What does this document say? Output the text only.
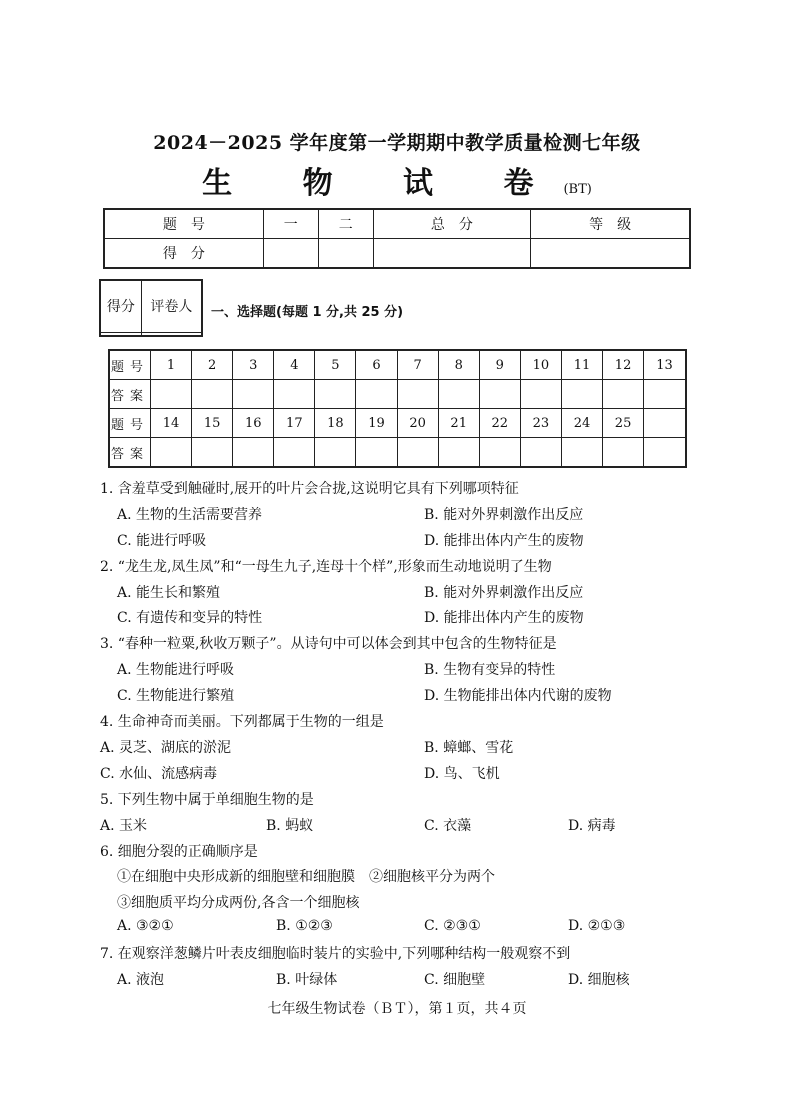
2024－2025 学年度第一学期期中教学质量检测七年级
生 物 试 卷(BT)
题　号	一	二	总　分	等　级
得　分				
得分	评卷人
	一、选择题(每题 1 分,共 25 分)
题号	1	2	3	4	5	6	7	8	9	10	11	12	13
答案													
题号	14	15	16	17	18	19	20	21	22	23	24	25	
答案													
1. 含羞草受到触碰时,展开的叶片会合拢,这说明它具有下列哪项特征
A. 生物的生活需要营养	B. 能对外界刺激作出反应
C. 能进行呼吸	D. 能排出体内产生的废物
2. “龙生龙,凤生凤”和“一母生九子,连母十个样”,形象而生动地说明了生物
A. 能生长和繁殖	B. 能对外界刺激作出反应
C. 有遗传和变异的特性	D. 能排出体内产生的废物
3. “春种一粒粟,秋收万颗子”。从诗句中可以体会到其中包含的生物特征是
A. 生物能进行呼吸	B. 生物有变异的特性
C. 生物能进行繁殖	D. 生物能排出体内代谢的废物
4. 生命神奇而美丽。下列都属于生物的一组是
A. 灵芝、湖底的淤泥	B. 蟑螂、雪花
C. 水仙、流感病毒	D. 鸟、飞机
5. 下列生物中属于单细胞生物的是
A. 玉米	B. 蚂蚁	C. 衣藻	D. 病毒
6. 细胞分裂的正确顺序是
①在细胞中央形成新的细胞壁和细胞膜　②细胞核平分为两个
③细胞质平均分成两份,各含一个细胞核
A. ③②①	B. ①②③	C. ②③①	D. ②①③
7. 在观察洋葱鳞片叶表皮细胞临时装片的实验中,下列哪种结构一般观察不到
A. 液泡	B. 叶绿体	C. 细胞壁	D. 细胞核
七年级生物试卷（ＢＴ），第１页，共４页
